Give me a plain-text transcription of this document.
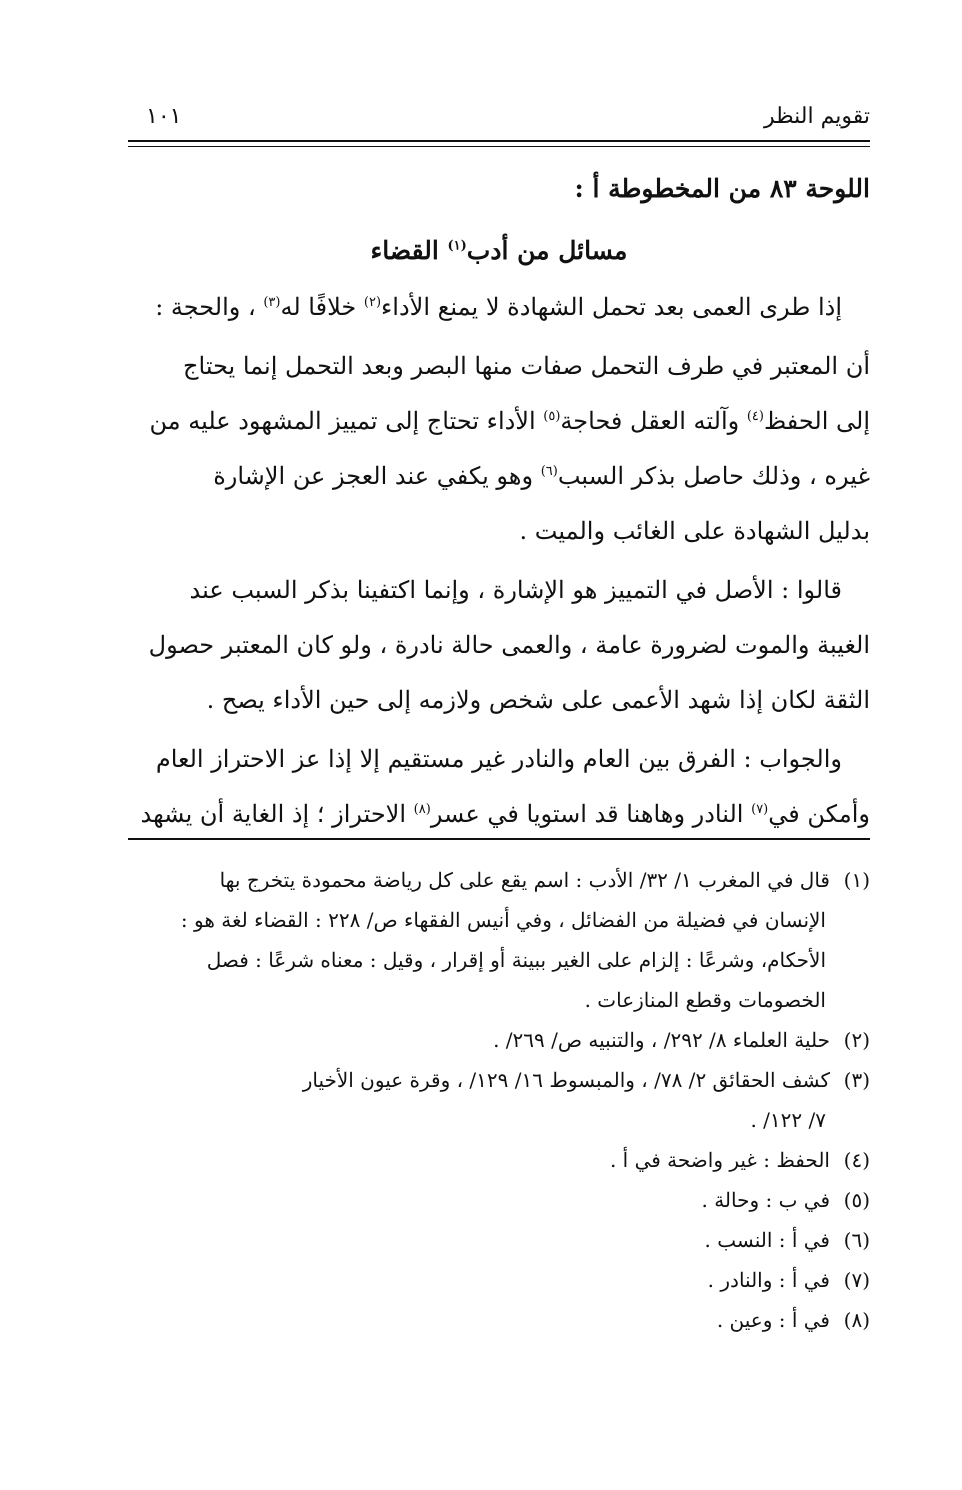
تقويم النظر
١٠١
اللوحة ٨٣ من المخطوطة أ :
مسائل من أدب$^{(١)}$ القضاء

إذا طرى العمى بعد تحمل الشهادة لا يمنع الأداء$^{(٢)}$ خلافًا له$^{(٣)}$ ، والحجة :

أن المعتبر في طرف التحمل صفات منها البصر وبعد التحمل إنما يحتاج
إلى الحفظ$^{(٤)}$ وآلته العقل فحاجة$^{(٥)}$ الأداء تحتاج إلى تمييز المشهود عليه من
غيره ، وذلك حاصل بذكر السبب$^{(٦)}$ وهو يكفي عند العجز عن الإشارة
بدليل الشهادة على الغائب والميت .

قالوا : الأصل في التمييز هو الإشارة ، وإنما اكتفينا بذكر السبب عند
الغيبة والموت لضرورة عامة ، والعمى حالة نادرة ، ولو كان المعتبر حصول
الثقة لكان إذا شهد الأعمى على شخص ولازمه إلى حين الأداء يصح .

والجواب : الفرق بين العام والنادر غير مستقيم إلا إذا عز الاحتراز العام
وأمكن في$^{(٧)}$ النادر وهاهنا قد استويا في عسر$^{(٨)}$ الاحتراز ؛ إذ الغاية أن يشهد

(١)قال في المغرب ١/ ٣٢/ الأدب : اسم يقع على كل رياضة محمودة يتخرج بها
الإنسان في فضيلة من الفضائل ، وفي أنيس الفقهاء ص/ ٢٢٨ : القضاء لغة هو :
الأحكام، وشرعًا : إلزام على الغير ببينة أو إقرار ، وقيل : معناه شرعًا : فصل
الخصومات وقطع المنازعات .
(٢)حلية العلماء ٨/ ٢٩٢/ ، والتنبيه ص/ ٢٦٩/ .
(٣)كشف الحقائق ٢/ ٧٨/ ، والمبسوط ١٦/ ١٢٩/ ، وقرة عيون الأخيار
٧/ ١٢٢/ .
(٤)الحفظ : غير واضحة في أ .
(٥)في ب : وحالة .
(٦)في أ : النسب .
(٧)في أ : والنادر .
(٨)في أ : وعين .
